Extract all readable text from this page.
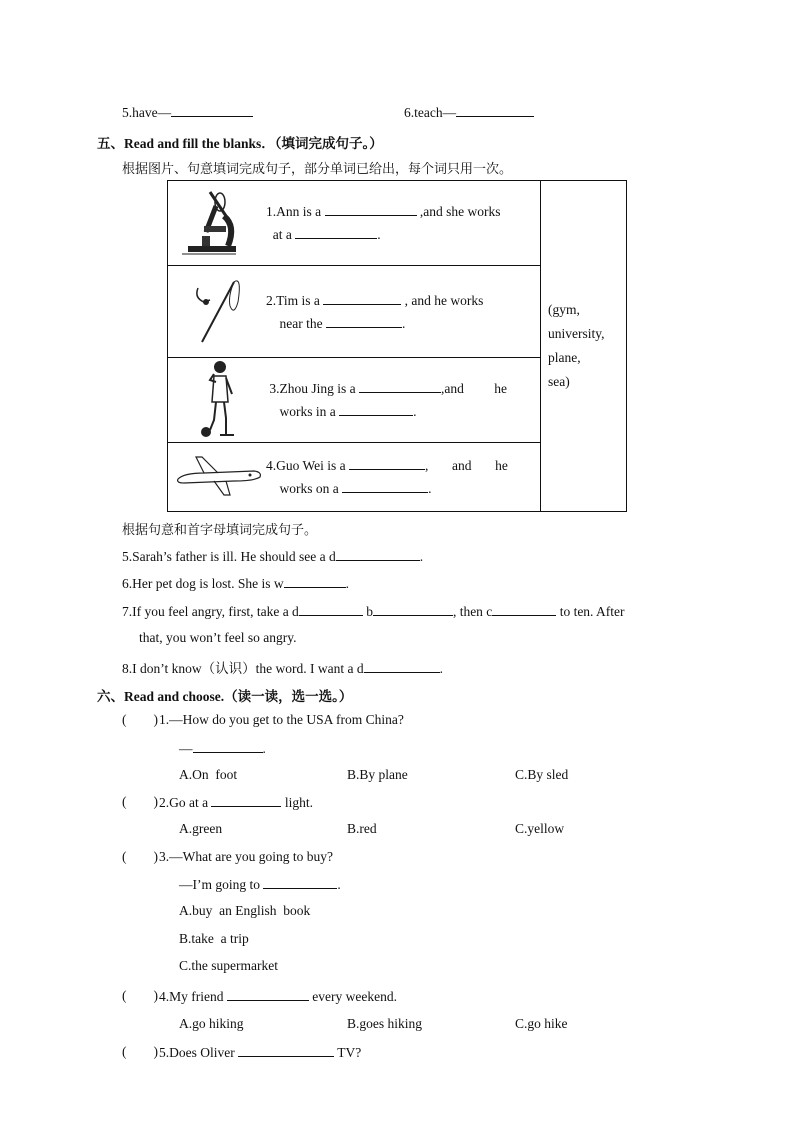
5.have—	6.teach—
五、Read and fill the blanks．（填词完成句子。）
根据图片、句意填词完成句子，部分单词已给出，每个词只用一次。
1.Ann is a	,and she works
at a	.

(gym,
university,
plane,
sea)

2.Tim is a	, and he works
near the	.

3.Zhou Jing is a	,and         he
works in a	.

4.Guo Wei is a	,       and       he
works on a	.
根据句意和首字母填词完成句子。
5.Sarah’s father is ill. He should see a d	.
6.Her pet dog is lost. She is w	.
7.If you feel angry, first, take a d	b	, then c	to ten. After
that, you won’t feel so angry.
8.I don’t know（认识）the word. I want a d	.
六、Read and choose.（读一读，选一选。）
(        ) 1.—How do you get to the USA from China?
—	.
A.On  foot	B.By plane	C.By sled
(        ) 2.Go at a	light.
A.green	B.red	C.yellow
(        ) 3.—What are you going to buy?
—I’m going to	.
A.buy  an English  book
B.take  a trip
C.the supermarket
(        ) 4.My friend	every weekend.
A.go hiking	B.goes hiking	C.go hike
(        ) 5.Does Oliver	TV?
